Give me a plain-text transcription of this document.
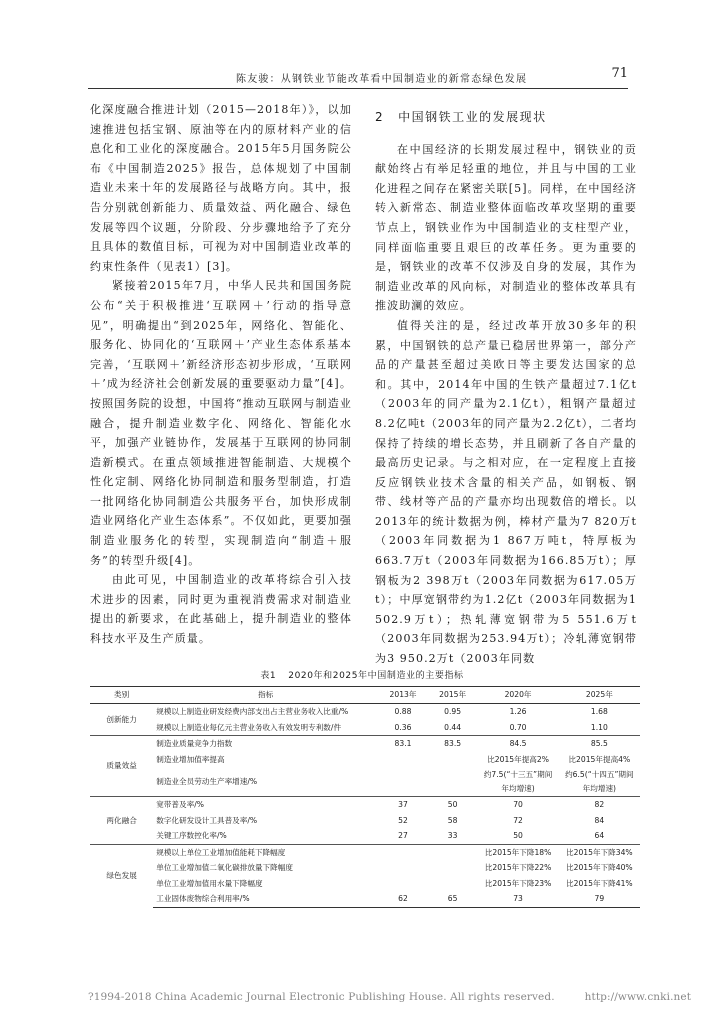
陈友骏：从钢铁业节能改革看中国制造业的新常态绿色发展	71

化深度融合推进计划（2015—2018年）》，以加速推进包括宝钢、原油等在内的原材料产业的信息化和工业化的深度融合。2015年5月国务院公布《中国制造2025》报告，总体规划了中国制造业未来十年的发展路径与战略方向。其中，报告分别就创新能力、质量效益、两化融合、绿色发展等四个议题，分阶段、分步骤地给予了充分且具体的数值目标，可视为对中国制造业改革的约束性条件（见表1）[3]。

紧接着2015年7月，中华人民共和国国务院公布“关于积极推进‘互联网＋’行动的指导意见”，明确提出“到2025年，网络化、智能化、服务化、协同化的‘互联网＋’产业生态体系基本完善，‘互联网＋’新经济形态初步形成，‘互联网＋’成为经济社会创新发展的重要驱动力量”[4]。按照国务院的设想，中国将“推动互联网与制造业融合，提升制造业数字化、网络化、智能化水平，加强产业链协作，发展基于互联网的协同制造新模式。在重点领域推进智能制造、大规模个性化定制、网络化协同制造和服务型制造，打造一批网络化协同制造公共服务平台，加快形成制造业网络化产业生态体系”。不仅如此，更要加强制造业服务化的转型，实现制造向“制造＋服务”的转型升级[4]。

由此可见，中国制造业的改革将综合引入技术进步的因素，同时更为重视消费需求对制造业提出的新要求，在此基础上，提升制造业的整体科技水平及生产质量。

2 中国钢铁工业的发展现状

在中国经济的长期发展过程中，钢铁业的贡献始终占有举足轻重的地位，并且与中国的工业化进程之间存在紧密关联[5]。同样，在中国经济转入新常态、制造业整体面临改革攻坚期的重要节点上，钢铁业作为中国制造业的支柱型产业，同样面临重要且艰巨的改革任务。更为重要的是，钢铁业的改革不仅涉及自身的发展，其作为制造业改革的风向标，对制造业的整体改革具有推波助澜的效应。

值得关注的是，经过改革开放30多年的积累，中国钢铁的总产量已稳居世界第一，部分产品的产量甚至超过美欧日等主要发达国家的总和。其中，2014年中国的生铁产量超过7.1亿t（2003年的同产量为2.1亿t），粗钢产量超过8.2亿吨t（2003年的同产量为2.2亿t），二者均保持了持续的增长态势，并且刷新了各自产量的最高历史记录。与之相对应，在一定程度上直接反应钢铁业技术含量的相关产品，如钢板、钢带、线材等产品的产量亦均出现数倍的增长。以2013年的统计数据为例，棒材产量为7 820万t（2003年同数据为1 867万吨t，特厚板为663.7万t（2003年同数据为166.85万t）；厚钢板为2 398万t（2003年同数据为617.05万t）；中厚宽钢带约为1.2亿t（2003年同数据为1 502.9万t）；热轧薄宽钢带为5 551.6万t（2003年同数据为253.94万t）；冷轧薄宽钢带为3 950.2万t（2003年同数

表1 2020年和2025年中国制造业的主要指标
类别	指标	2013年	2015年	2020年	2025年
创新能力	规模以上制造业研发经费内部支出占主营业务收入比重/%	0.88	0.95	1.26	1.68
	规模以上制造业每亿元主营业务收入有效发明专利数/件	0.36	0.44	0.70	1.10
质量效益	制造业质量竞争力指数	83.1	83.5	84.5	85.5
	制造业增加值率提高			比2015年提高2%	比2015年提高4%
	制造业全员劳动生产率增速/%			约7.5(“十三五”期间年均增速)	约6.5(“十四五”期间年均增速)
两化融合	宽带普及率/%	37	50	70	82
	数字化研发设计工具普及率/%	52	58	72	84
	关键工序数控化率/%	27	33	50	64
绿色发展	规模以上单位工业增加值能耗下降幅度			比2015年下降18%	比2015年下降34%
	单位工业增加值二氧化碳排放量下降幅度			比2015年下降22%	比2015年下降40%
	单位工业增加值用水量下降幅度			比2015年下降23%	比2015年下降41%
	工业固体废物综合利用率/%	62	65	73	79
?1994-2018 China Academic Journal Electronic Publishing House. All rights reserved.	http://www.cnki.net
